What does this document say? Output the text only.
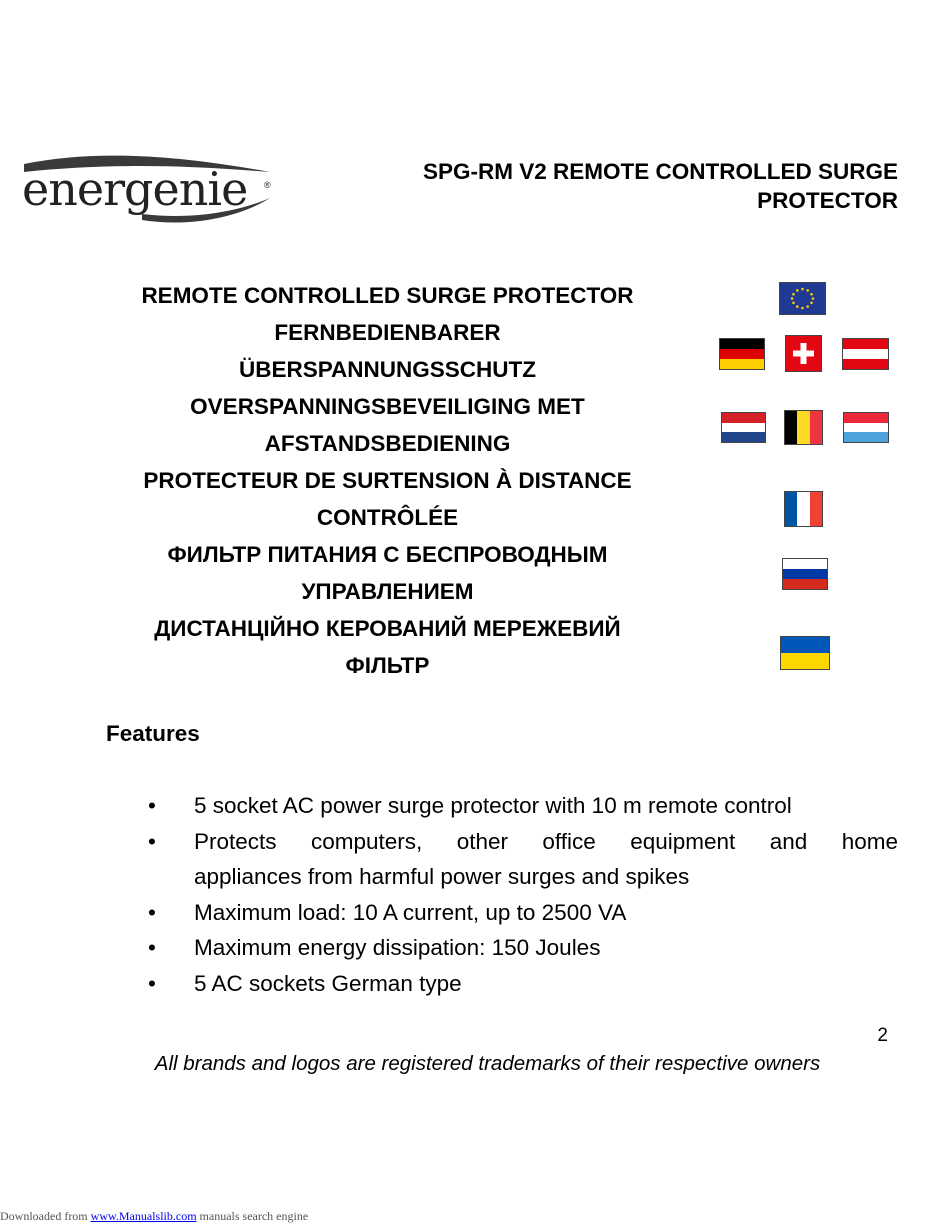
energenie ®
SPG-RM V2 REMOTE CONTROLLED SURGE
PROTECTOR
REMOTE CONTROLLED SURGE PROTECTOR
FERNBEDIENBARER
ÜBERSPANNUNGSSCHUTZ
OVERSPANNINGSBEVEILIGING MET
AFSTANDSBEDIENING
PROTECTEUR DE SURTENSION À DISTANCE
CONTRÔLÉE
ФИЛЬТР ПИТАНИЯ С БЕСПРОВОДНЫМ
УПРАВЛЕНИЕМ
ДИСТАНЦІЙНО КЕРОВАНИЙ МЕРЕЖЕВИЙ
ФІЛЬТР
Features
• 5 socket AC power surge protector with 10 m remote control
• Protects computers, other office equipment and home
appliances from harmful power surges and spikes
• Maximum load: 10 A current, up to 2500 VA
• Maximum energy dissipation: 150 Joules
• 5 AC sockets German type
2
All brands and logos are registered trademarks of their respective owners
Downloaded from www.Manualslib.com manuals search engine
